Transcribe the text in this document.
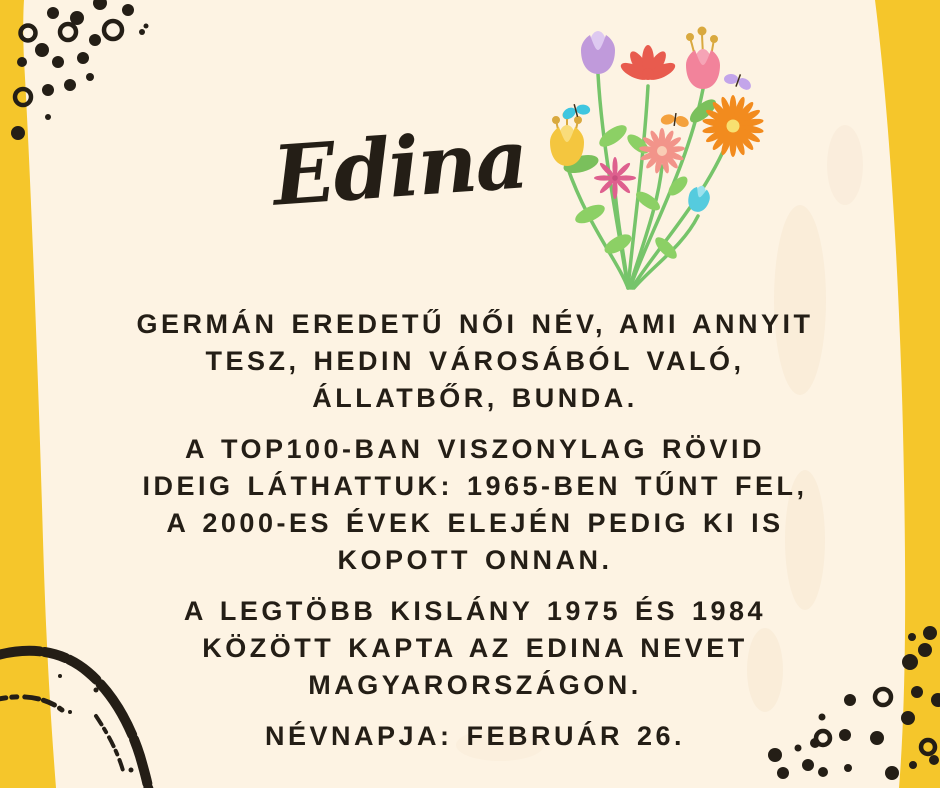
Edina

GERMÁN EREDETŰ NŐI NÉV, AMI ANNYIT
TESZ, HEDIN VÁROSÁBÓL VALÓ,
ÁLLATBŐR, BUNDA.

A TOP100-BAN VISZONYLAG RÖVID
IDEIG LÁTHATTUK: 1965-BEN TŰNT FEL,
A 2000-ES ÉVEK ELEJÉN PEDIG KI IS
KOPOTT ONNAN.

A LEGTÖBB KISLÁNY 1975 ÉS 1984
KÖZÖTT KAPTA AZ EDINA NEVET
MAGYARORSZÁGON.

NÉVNAPJA: FEBRUÁR 26.
